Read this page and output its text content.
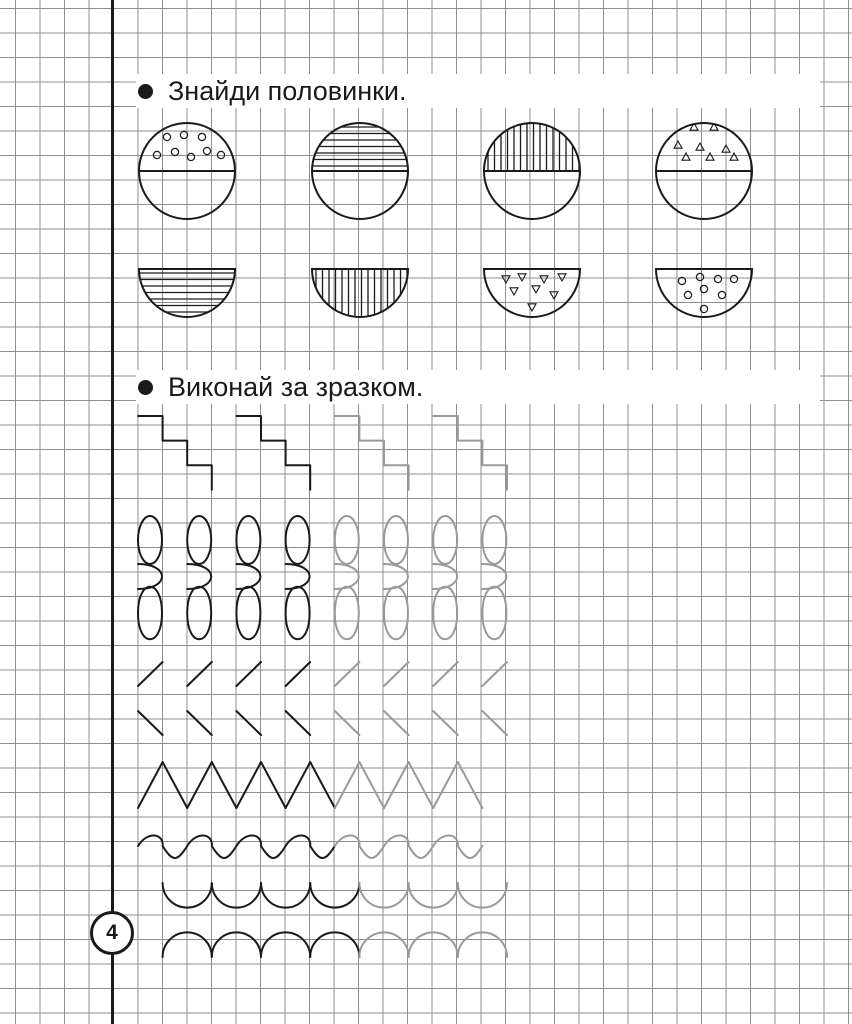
Знайди половинки.
Виконай за зразком.
4
